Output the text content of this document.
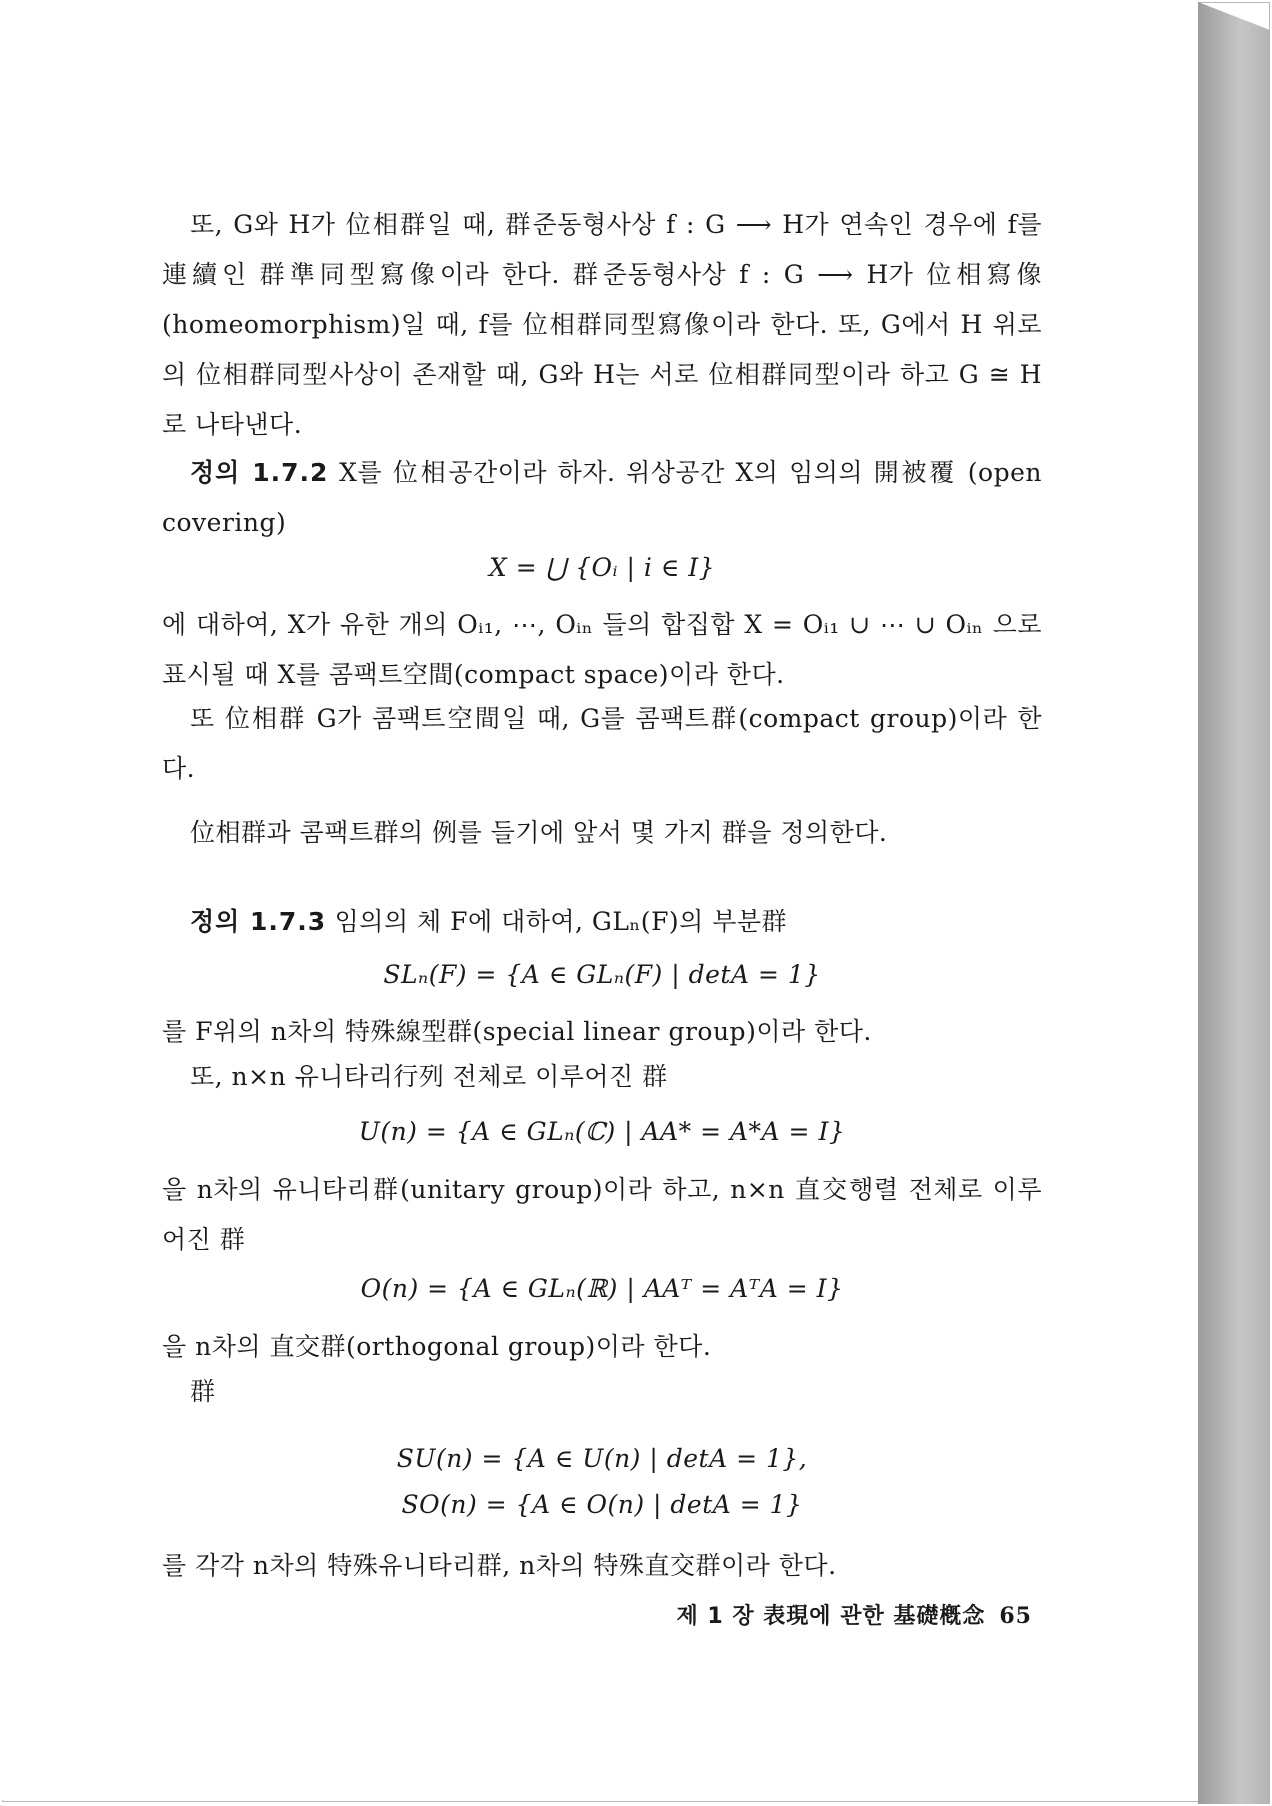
또, G와 H가 位相群일 때, 群준동형사상 f : G ⟶ H가 연속인 경우에 f를 連續인 群準同型寫像이라 한다. 群준동형사상 f : G ⟶ H가 位相寫像(homeomorphism)일 때, f를 位相群同型寫像이라 한다. 또, G에서 H 위로의 位相群同型사상이 존재할 때, G와 H는 서로 位相群同型이라 하고 G ≅ H로 나타낸다.

정의 1.7.2 X를 位相공간이라 하자. 위상공간 X의 임의의 開被覆 (open covering)

X = ⋃ {Oᵢ | i ∈ I}

에 대하여, X가 유한 개의 Oᵢ₁, ⋯, Oᵢₙ 들의 합집합 X = Oᵢ₁ ∪ ⋯ ∪ Oᵢₙ 으로 표시될 때 X를 콤팩트空間(compact space)이라 한다.

또 位相群 G가 콤팩트空間일 때, G를 콤팩트群(compact group)이라 한다.

位相群과 콤팩트群의 例를 들기에 앞서 몇 가지 群을 정의한다.

정의 1.7.3 임의의 체 F에 대하여, GLₙ(F)의 부분群

SLₙ(F) = {A ∈ GLₙ(F) | detA = 1}

를 F위의 n차의 特殊線型群(special linear group)이라 한다.

또, n×n 유니타리行列 전체로 이루어진 群

U(n) = {A ∈ GLₙ(ℂ) | AA* = A*A = I}

을 n차의 유니타리群(unitary group)이라 하고, n×n 直交행렬 전체로 이루어진 群

O(n) = {A ∈ GLₙ(ℝ) | AAᵀ = AᵀA = I}

을 n차의 直交群(orthogonal group)이라 한다.

群

SU(n) = {A ∈ U(n) | detA = 1},
SO(n) = {A ∈ O(n) | detA = 1}

를 각각 n차의 特殊유니타리群, n차의 特殊直交群이라 한다.

제 1 장 表現에 관한 基礎槪念 65
